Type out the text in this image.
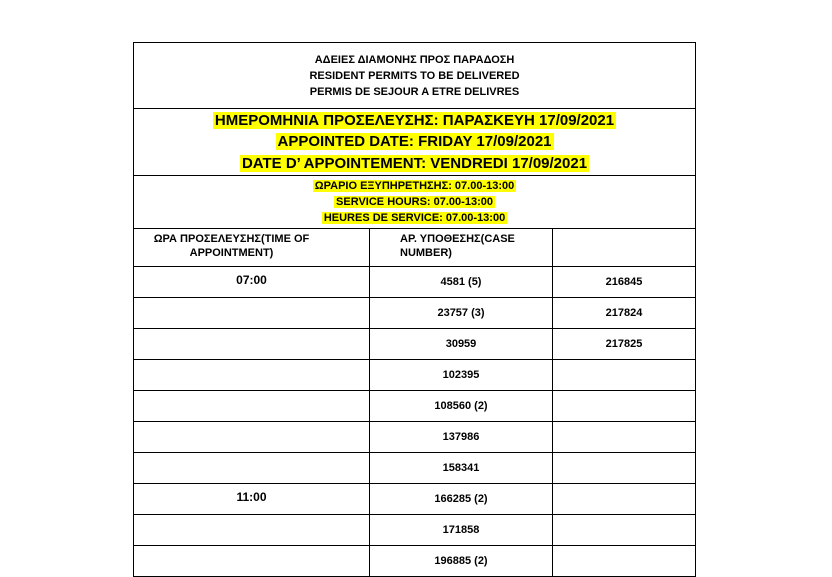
ΑΔΕΙΕΣ ΔΙΑΜΟΝΗΣ ΠΡΟΣ ΠΑΡΑΔΟΣΗ
RESIDENT PERMITS TO BE DELIVERED
PERMIS DE SEJOUR A ETRE DELIVRES		

ΗΜΕΡΟΜΗΝΙΑ ΠΡΟΣΕΛΕΥΣΗΣ: ΠΑΡΑΣΚΕΥΗ 17/09/2021
APPOINTED DATE: FRIDAY 17/09/2021
DATE D’ APPOINTEMENT: VENDREDI 17/09/2021		

ΩΡΑΡΙΟ ΕΞΥΠΗΡΕΤΗΣΗΣ: 07.00-13:00
SERVICE HOURS: 07.00-13:00
HEURES DE SERVICE: 07.00-13:00		

ΩΡΑ ΠΡΟΣΕΛΕΥΣΗΣ(TIME OF APPOINTMENT)	ΑΡ. ΥΠΟΘΕΣΗΣ(CASE NUMBER)	
07:00	4581 (5)	216845
	23757 (3)	217824
	30959	217825
	102395	
	108560 (2)	
	137986	
	158341	
11:00	166285 (2)	
	171858	
	196885 (2)	
